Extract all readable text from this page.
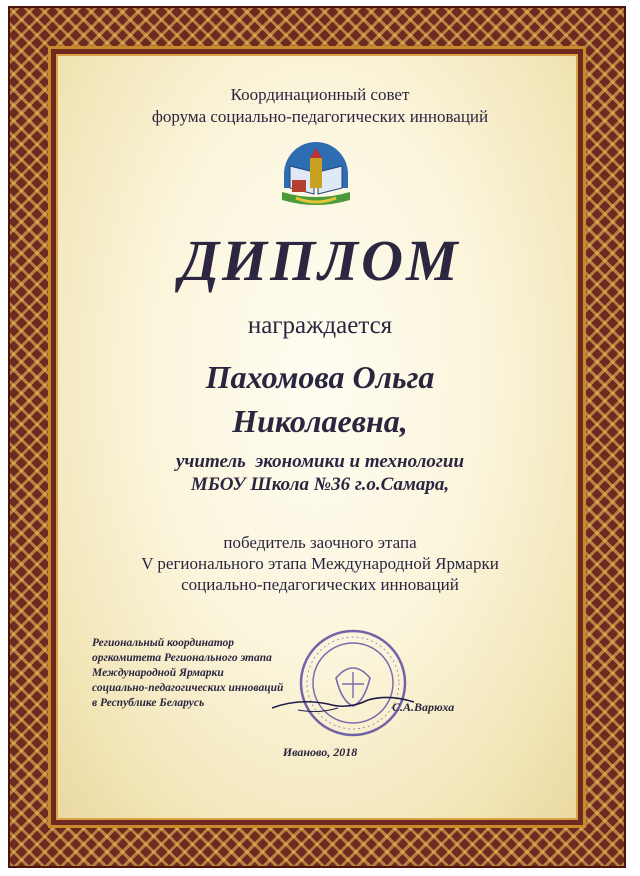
Координационный совет
форума социально-педагогических инноваций
ДИПЛОМ
награждается
Пахомова Ольга
Николаевна,
учитель  экономики и технологии
МБОУ Школа №36 г.о.Самара,
победитель заочного этапа
V регионального этапа Международной Ярмарки
социально-педагогических инноваций
Региональный координатор
оргкомитета Регионального этапа
Международной Ярмарки
социально-педагогических инноваций
в Республике Беларусь	С.А.Варюха
Иваново, 2018
